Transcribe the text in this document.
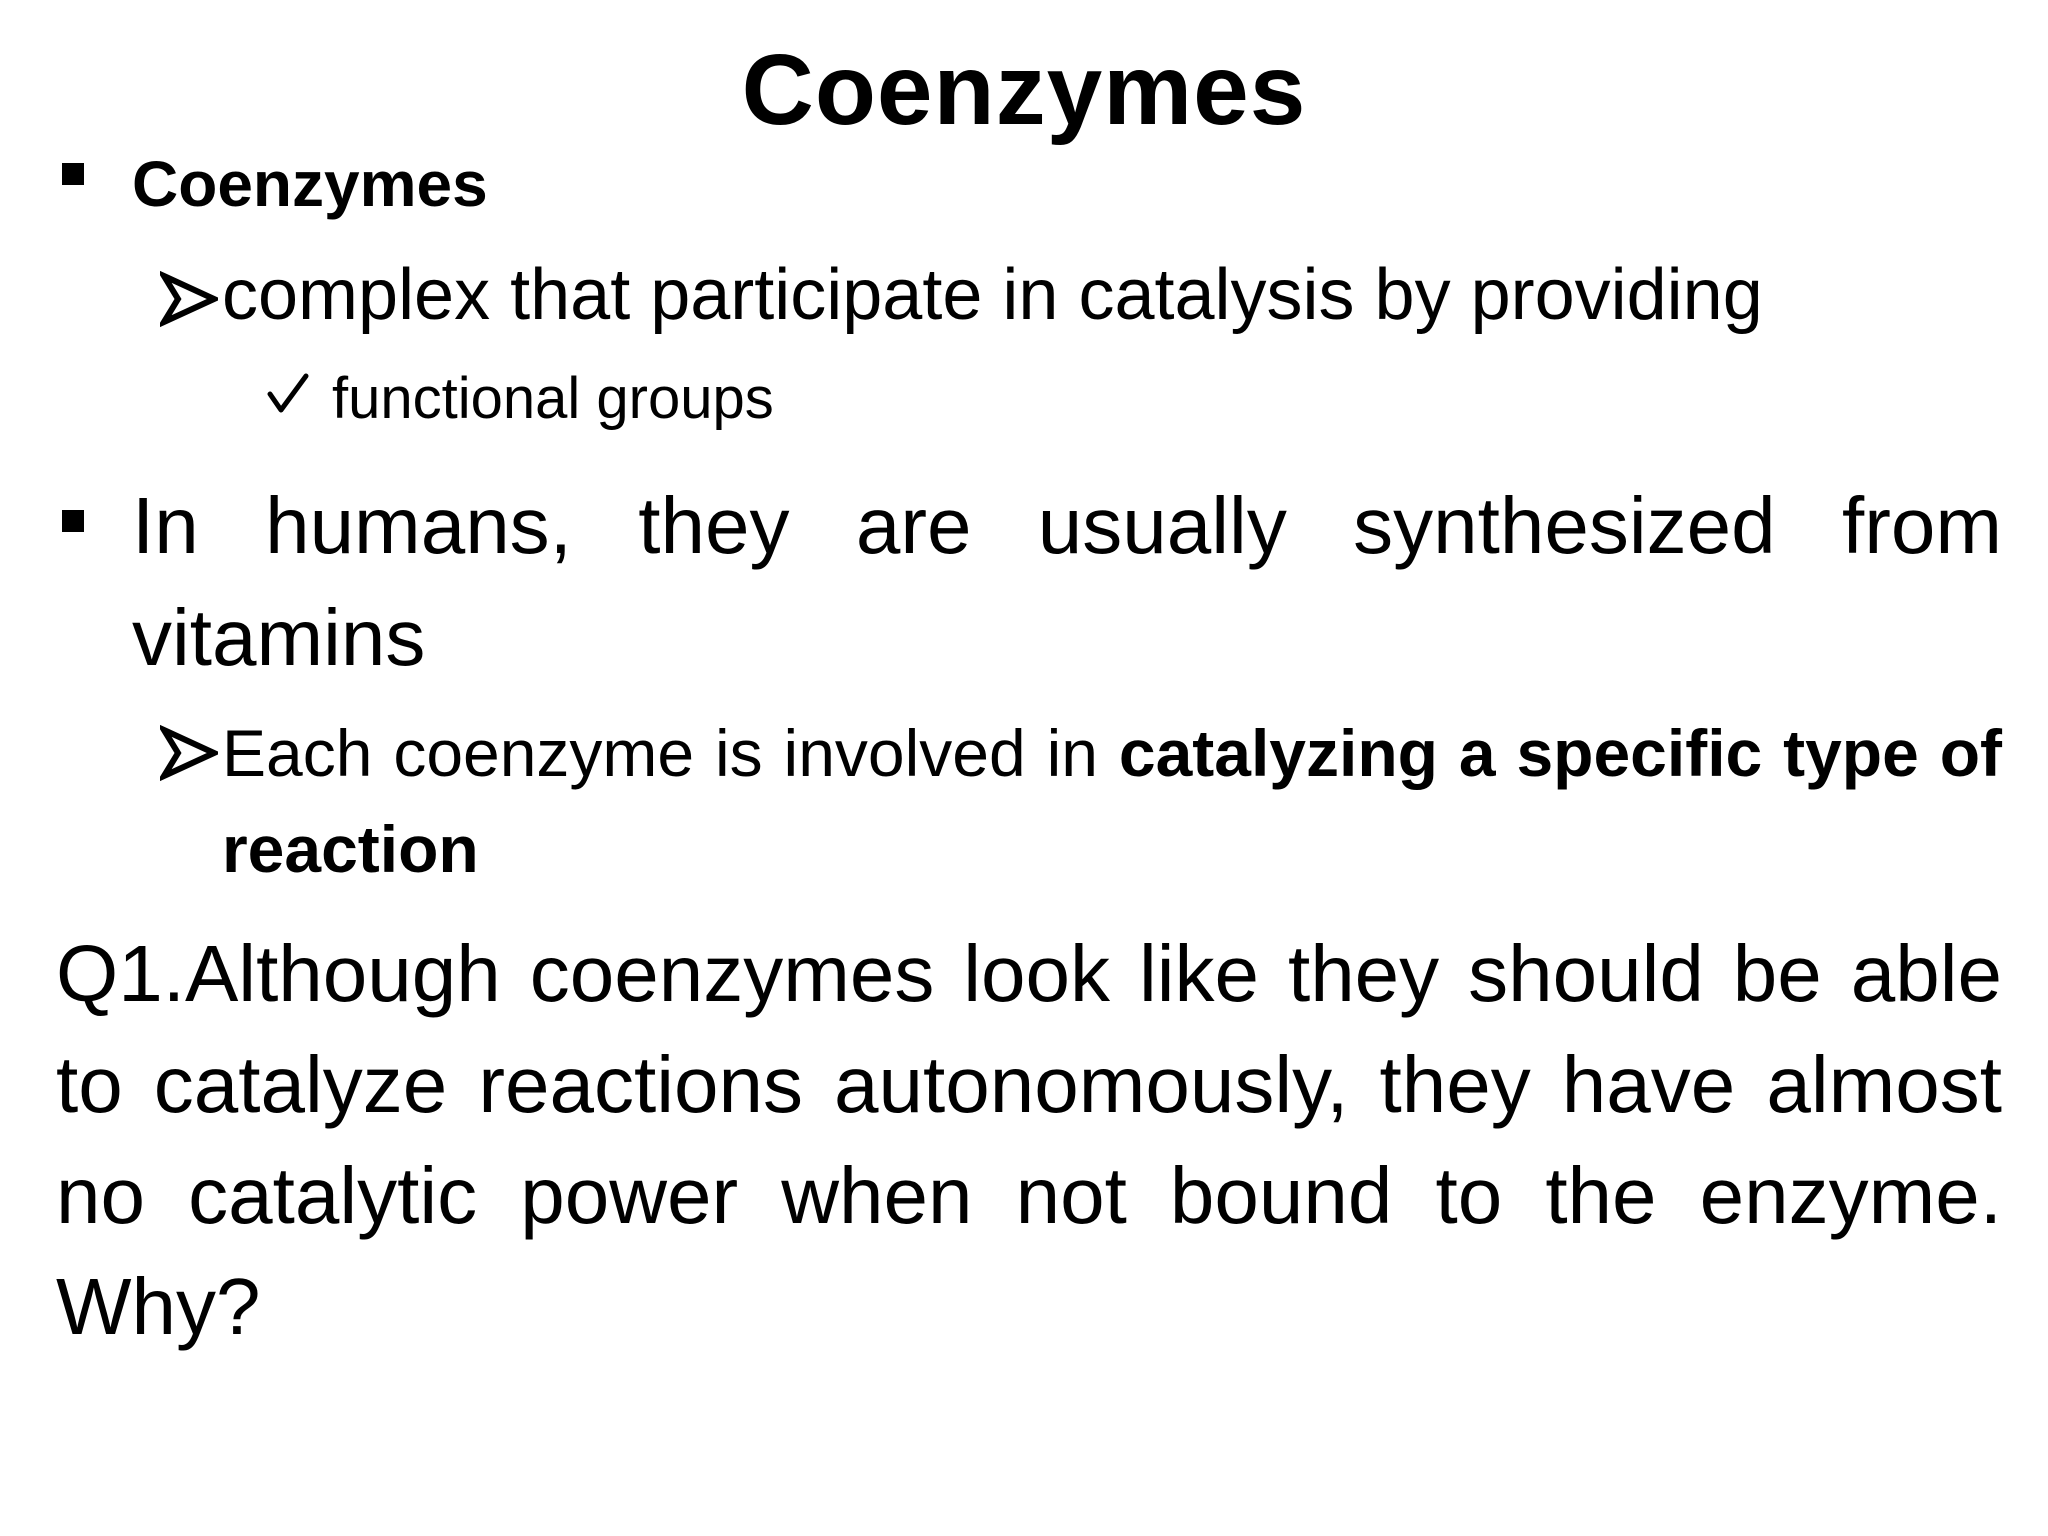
Coenzymes
Coenzymes
complex that participate in catalysis by providing
functional groups
In humans, they are usually synthesized from vitamins
Each coenzyme is involved in catalyzing a specific type of reaction
Q1.Although coenzymes look like they should be able to catalyze reactions autonomously, they have almost no catalytic power when not bound to the enzyme. Why?
